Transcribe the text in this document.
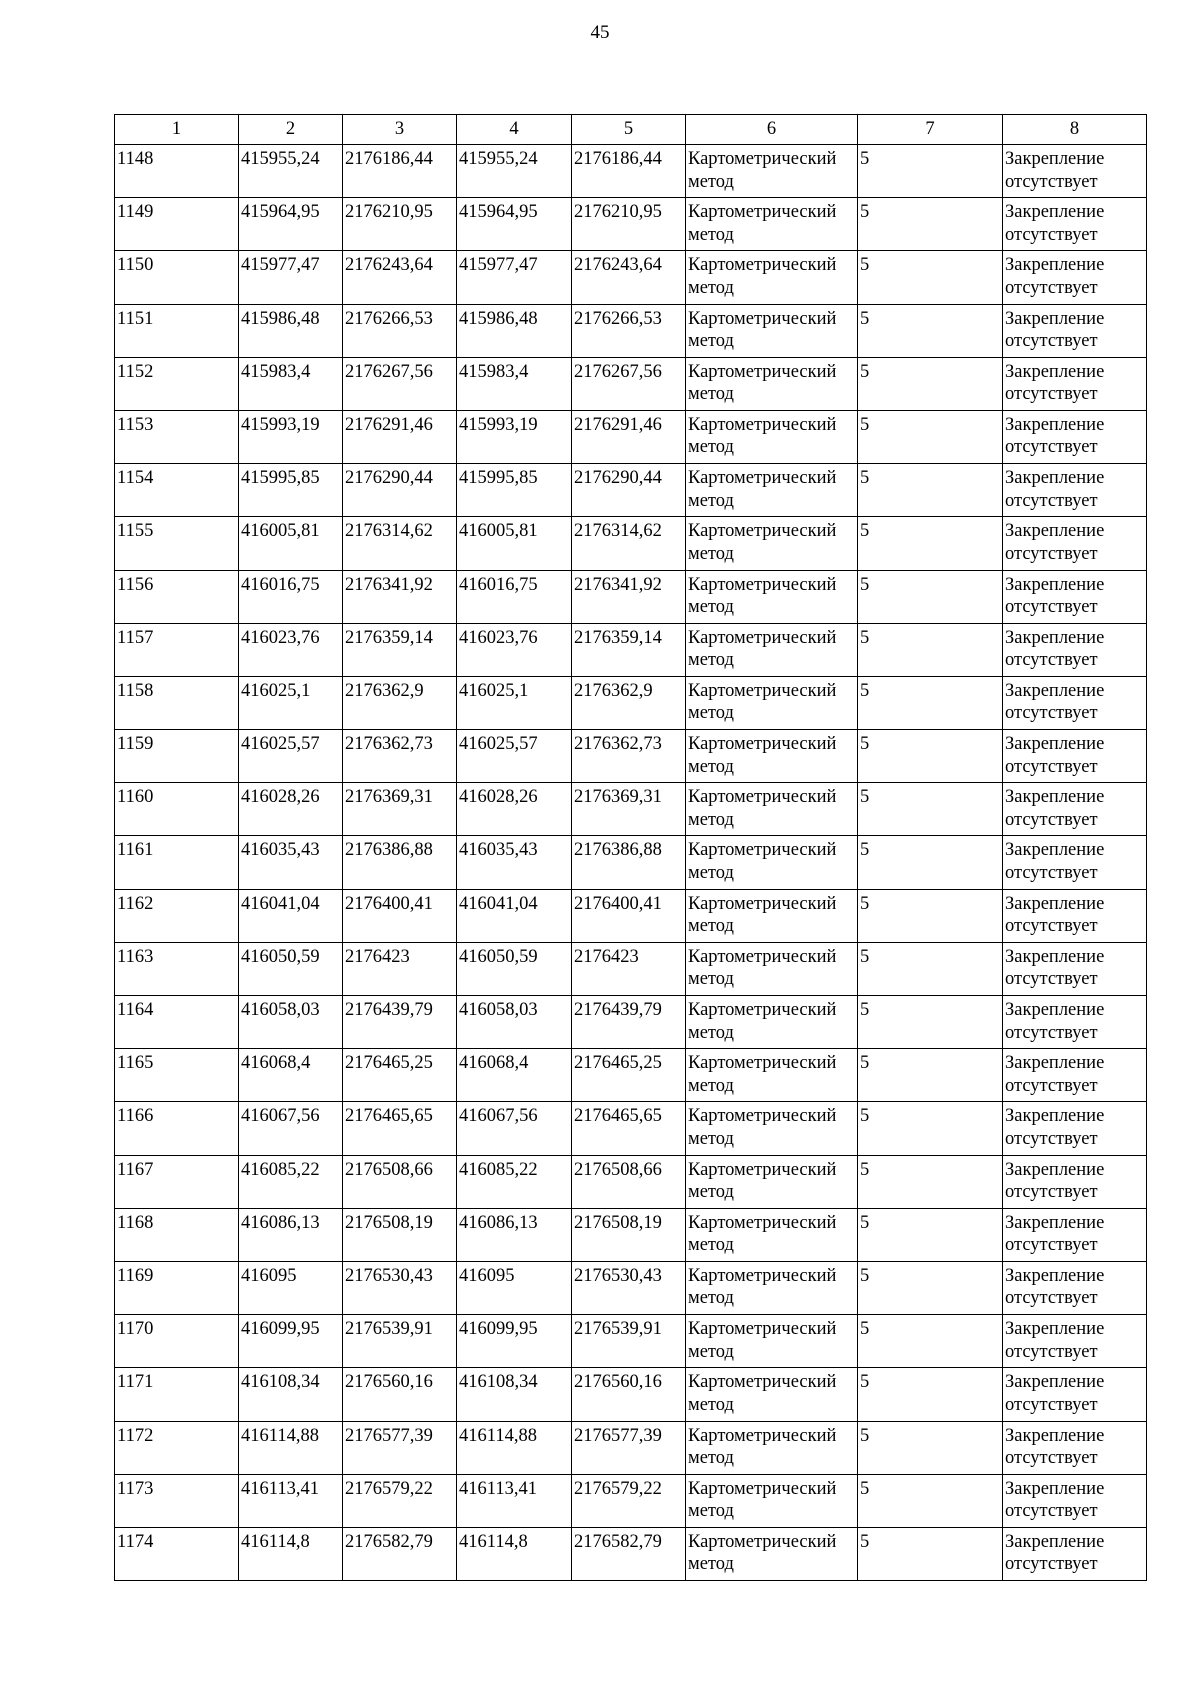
45
1	2	3	4	5	6	7	8
1148	415955,24	2176186,44	415955,24	2176186,44	Картометрический метод	5	Закрепление отсутствует
1149	415964,95	2176210,95	415964,95	2176210,95	Картометрический метод	5	Закрепление отсутствует
1150	415977,47	2176243,64	415977,47	2176243,64	Картометрический метод	5	Закрепление отсутствует
1151	415986,48	2176266,53	415986,48	2176266,53	Картометрический метод	5	Закрепление отсутствует
1152	415983,4	2176267,56	415983,4	2176267,56	Картометрический метод	5	Закрепление отсутствует
1153	415993,19	2176291,46	415993,19	2176291,46	Картометрический метод	5	Закрепление отсутствует
1154	415995,85	2176290,44	415995,85	2176290,44	Картометрический метод	5	Закрепление отсутствует
1155	416005,81	2176314,62	416005,81	2176314,62	Картометрический метод	5	Закрепление отсутствует
1156	416016,75	2176341,92	416016,75	2176341,92	Картометрический метод	5	Закрепление отсутствует
1157	416023,76	2176359,14	416023,76	2176359,14	Картометрический метод	5	Закрепление отсутствует
1158	416025,1	2176362,9	416025,1	2176362,9	Картометрический метод	5	Закрепление отсутствует
1159	416025,57	2176362,73	416025,57	2176362,73	Картометрический метод	5	Закрепление отсутствует
1160	416028,26	2176369,31	416028,26	2176369,31	Картометрический метод	5	Закрепление отсутствует
1161	416035,43	2176386,88	416035,43	2176386,88	Картометрический метод	5	Закрепление отсутствует
1162	416041,04	2176400,41	416041,04	2176400,41	Картометрический метод	5	Закрепление отсутствует
1163	416050,59	2176423	416050,59	2176423	Картометрический метод	5	Закрепление отсутствует
1164	416058,03	2176439,79	416058,03	2176439,79	Картометрический метод	5	Закрепление отсутствует
1165	416068,4	2176465,25	416068,4	2176465,25	Картометрический метод	5	Закрепление отсутствует
1166	416067,56	2176465,65	416067,56	2176465,65	Картометрический метод	5	Закрепление отсутствует
1167	416085,22	2176508,66	416085,22	2176508,66	Картометрический метод	5	Закрепление отсутствует
1168	416086,13	2176508,19	416086,13	2176508,19	Картометрический метод	5	Закрепление отсутствует
1169	416095	2176530,43	416095	2176530,43	Картометрический метод	5	Закрепление отсутствует
1170	416099,95	2176539,91	416099,95	2176539,91	Картометрический метод	5	Закрепление отсутствует
1171	416108,34	2176560,16	416108,34	2176560,16	Картометрический метод	5	Закрепление отсутствует
1172	416114,88	2176577,39	416114,88	2176577,39	Картометрический метод	5	Закрепление отсутствует
1173	416113,41	2176579,22	416113,41	2176579,22	Картометрический метод	5	Закрепление отсутствует
1174	416114,8	2176582,79	416114,8	2176582,79	Картометрический метод	5	Закрепление отсутствует
